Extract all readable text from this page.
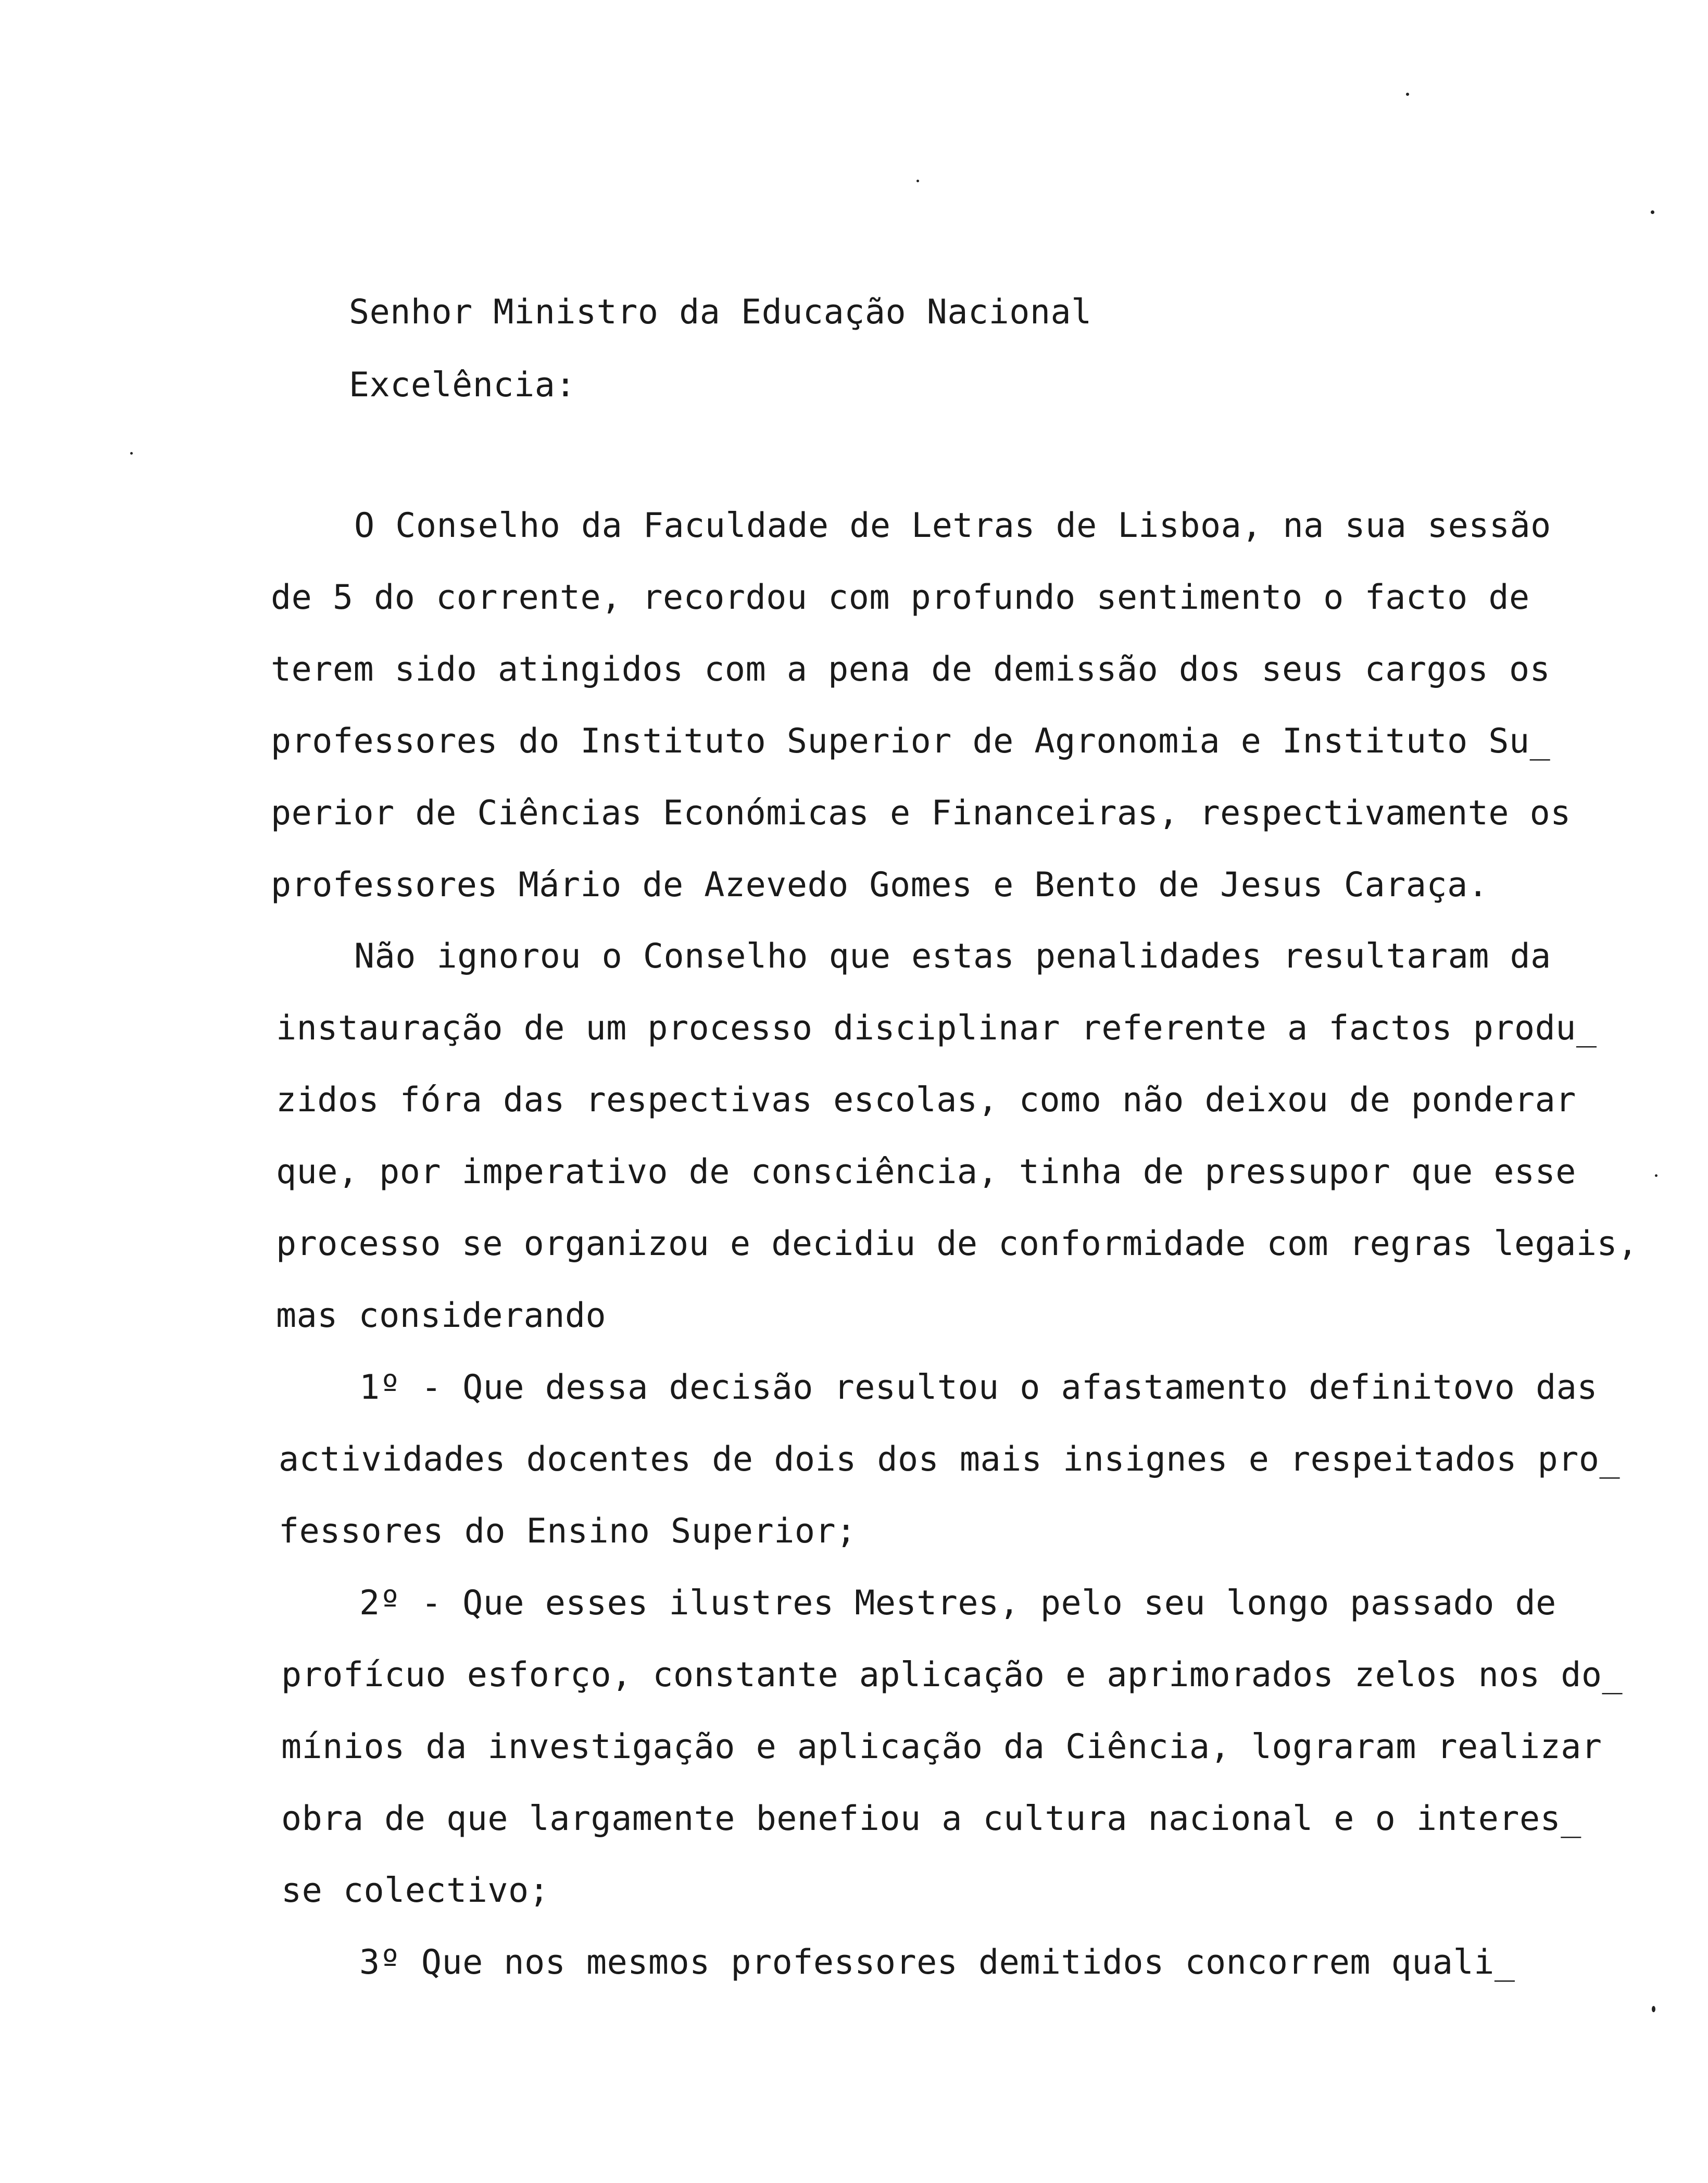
Senhor Ministro da Educação Nacional

Excelência:

O Conselho da Faculdade de Letras de Lisboa, na sua sessão

de 5 do corrente, recordou com profundo sentimento o facto de

terem sido atingidos com a pena de demissão dos seus cargos os

professores do Instituto Superior de Agronomia e Instituto Su_

perior de Ciências Económicas e Financeiras, respectivamente os

professores Mário de Azevedo Gomes e Bento de Jesus Caraça.

Não ignorou o Conselho que estas penalidades resultaram da

instauração de um processo disciplinar referente a factos produ_

zidos fóra das respectivas escolas, como não deixou de ponderar

que, por imperativo de consciência, tinha de pressupor que esse

processo se organizou e decidiu de conformidade com regras legais,

mas considerando

1º - Que dessa decisão resultou o afastamento definitovo das

actividades docentes de dois dos mais insignes e respeitados pro_

fessores do Ensino Superior;

2º - Que esses ilustres Mestres, pelo seu longo passado de

profícuo esforço, constante aplicação e aprimorados zelos nos do_

mínios da investigação e aplicação da Ciência, lograram realizar

obra de que largamente benefiou a cultura nacional e o interes_

se colectivo;

3º Que nos mesmos professores demitidos concorrem quali_
